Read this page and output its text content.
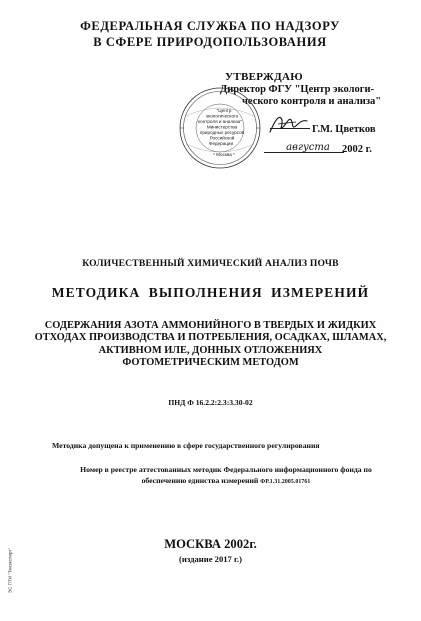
ФЕДЕРАЛЬНАЯ СЛУЖБА ПО НАДЗОРУ
В СФЕРЕ ПРИРОДОПОЛЬЗОВАНИЯ
УТВЕРЖДАЮ
Директор ФГУ "Центр экологи-
ческого контроля и анализа"
Г.М. Цветков
2002 г.
"Центр
экологического
контроля и анализа"
Министерства
природных ресурсов
Российской
Федерации
* Москва *
августа
КОЛИЧЕСТВЕННЫЙ ХИМИЧЕСКИЙ АНАЛИЗ ПОЧВ
МЕТОДИКА ВЫПОЛНЕНИЯ ИЗМЕРЕНИЙ
СОДЕРЖАНИЯ АЗОТА АММОНИЙНОГО В ТВЕРДЫХ И ЖИДКИХ
ОТХОДАХ ПРОИЗВОДСТВА И ПОТРЕБЛЕНИЯ, ОСАДКАХ, ШЛАМАХ,
АКТИВНОМ ИЛЕ, ДОННЫХ ОТЛОЖЕНИЯХ
ФОТОМЕТРИЧЕСКИМ МЕТОДОМ
ПНД Ф 16.2.2:2.3:3.30-02
Методика допущена к применению в сфере государственного регулирования
Номер в реестре аттестованных методик Федерального информационного фонда по
обеспечению единства измерений ФР.1.31.2005.01761
МОСКВА 2002г.
(издание 2017 г.)
ЭС ПТИ "Техэксперт"
